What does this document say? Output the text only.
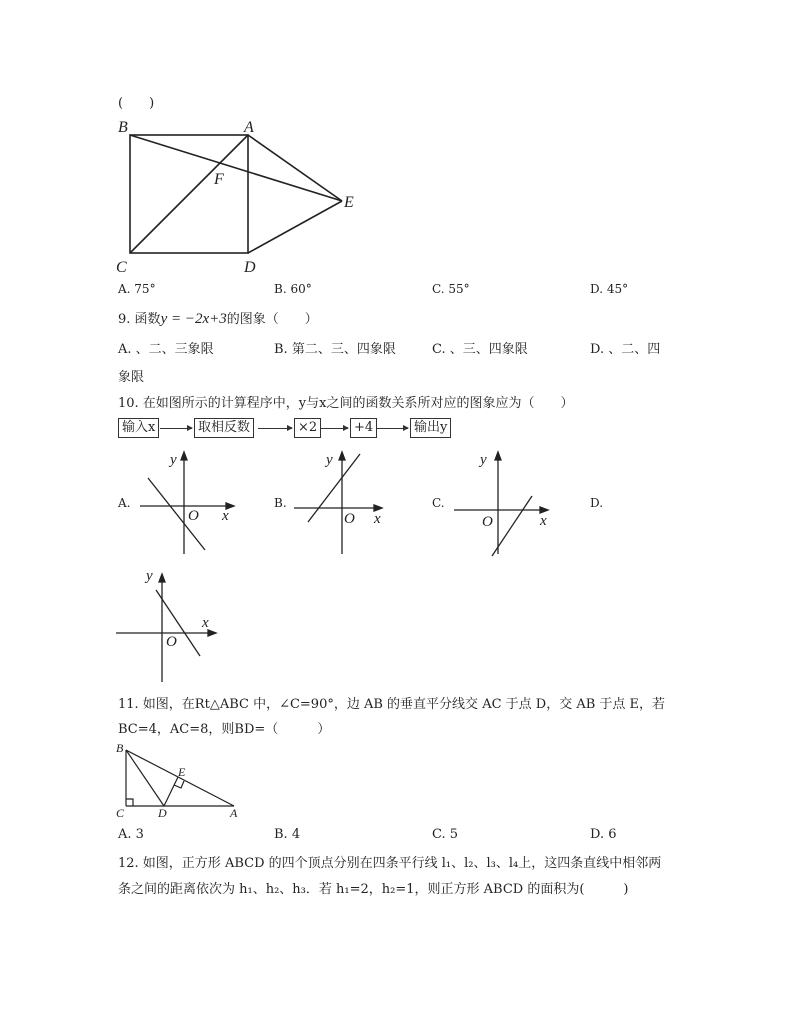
(　　)
B	A
F
E
C	D
A. 75°	B. 60°	C. 55°	D. 45°
9. 函数y = −2x+3的图象（　　）
A. 、二、三象限	B. 第二、三、四象限	C. 、三、四象限	D. 、二、四
象限
10. 在如图所示的计算程序中，y与x之间的函数关系所对应的图象应为（　　）
输入x	取相反数	×2	+4	输出y
A.
y
x
O
B.
y
x
O
C.
y
x
O
D.
y
x
O
11. 如图，在Rt△ABC 中，∠C=90°，边 AB 的垂直平分线交 AC 于点 D，交 AB 于点 E，若
BC=4，AC=8，则BD=（　　　）
B
E
C	D	A
A. 3	B. 4	C. 5	D. 6
12. 如图，正方形 ABCD 的四个顶点分别在四条平行线 l₁、l₂、l₃、l₄上，这四条直线中相邻两
条之间的距离依次为 h₁、h₂、h₃．若 h₁=2，h₂=1，则正方形 ABCD 的面积为(　　　)
